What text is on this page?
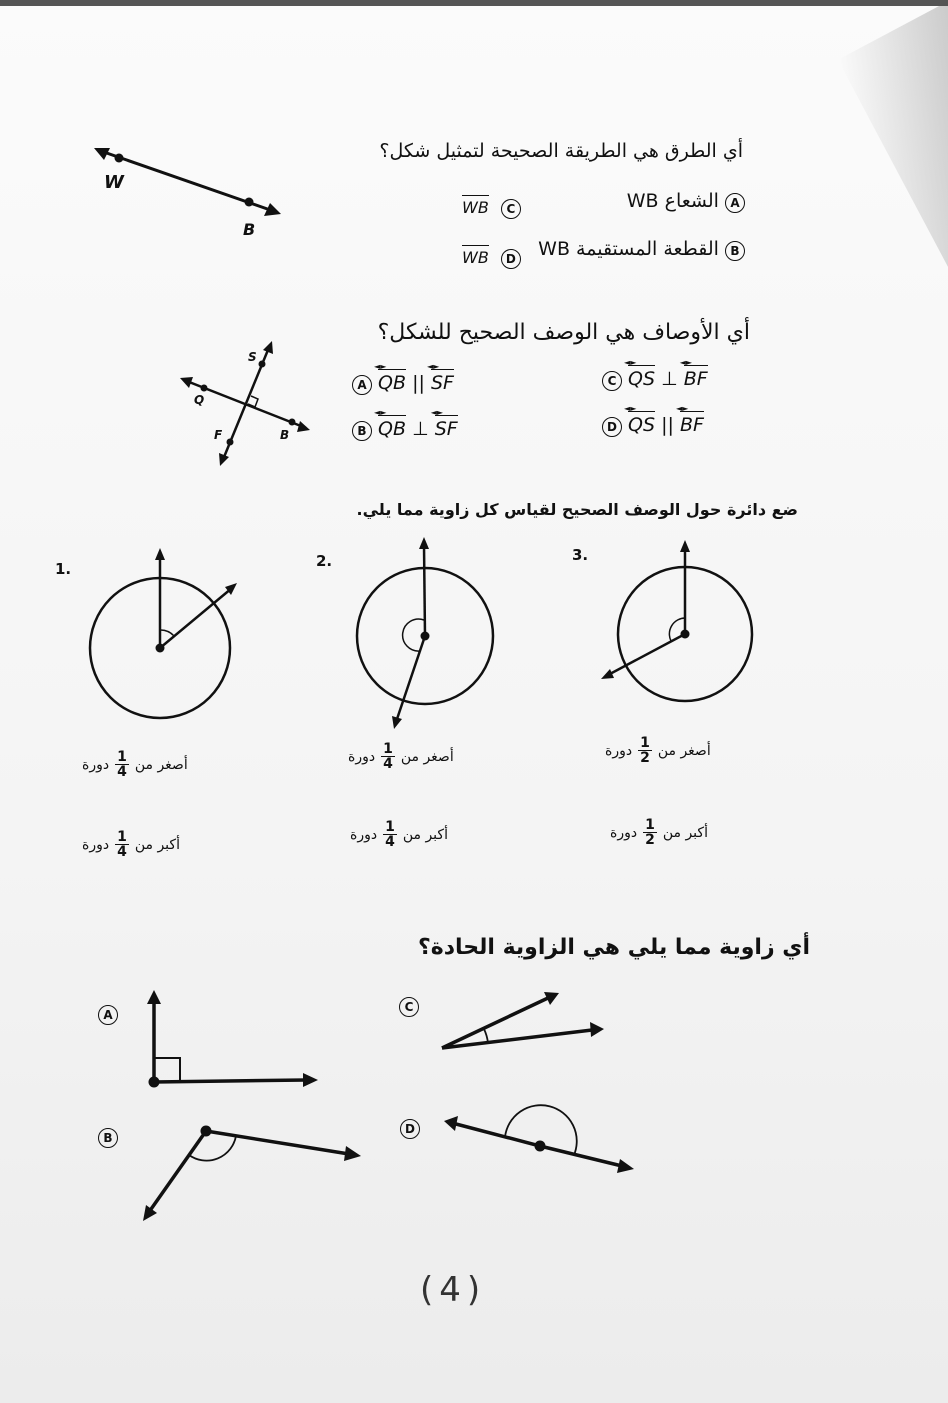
أي الطرق هي الطريقة الصحيحة لتمثيل شكل؟
W
B
A الشعاع WB
B القطعة المستقيمة WB
WB C
WB D
أي الأوصاف هي الوصف الصحيح للشكل؟
S
Q
F	B
A QB ◄► || SF ◄►
B QB ◄► ⊥ SF ◄►
C QS ◄► ⊥ BF ◄►
D QS ◄► || BF ◄►
ضع دائرة حول الوصف الصحيح لقياس كل زاوية مما يلي.
1.	2.	3.
أصغر من
$\frac{1}{4}$
دورة
أكبر من
$\frac{1}{4}$
دورة
أصغر من
$\frac{1}{4}$
دورة
أكبر من
$\frac{1}{4}$
دورة
أصغر من
$\frac{1}{2}$
دورة
أكبر من
$\frac{1}{2}$
دورة
أي زاوية مما يلي هي الزاوية الحادة؟
A
B
C
D
(4)
